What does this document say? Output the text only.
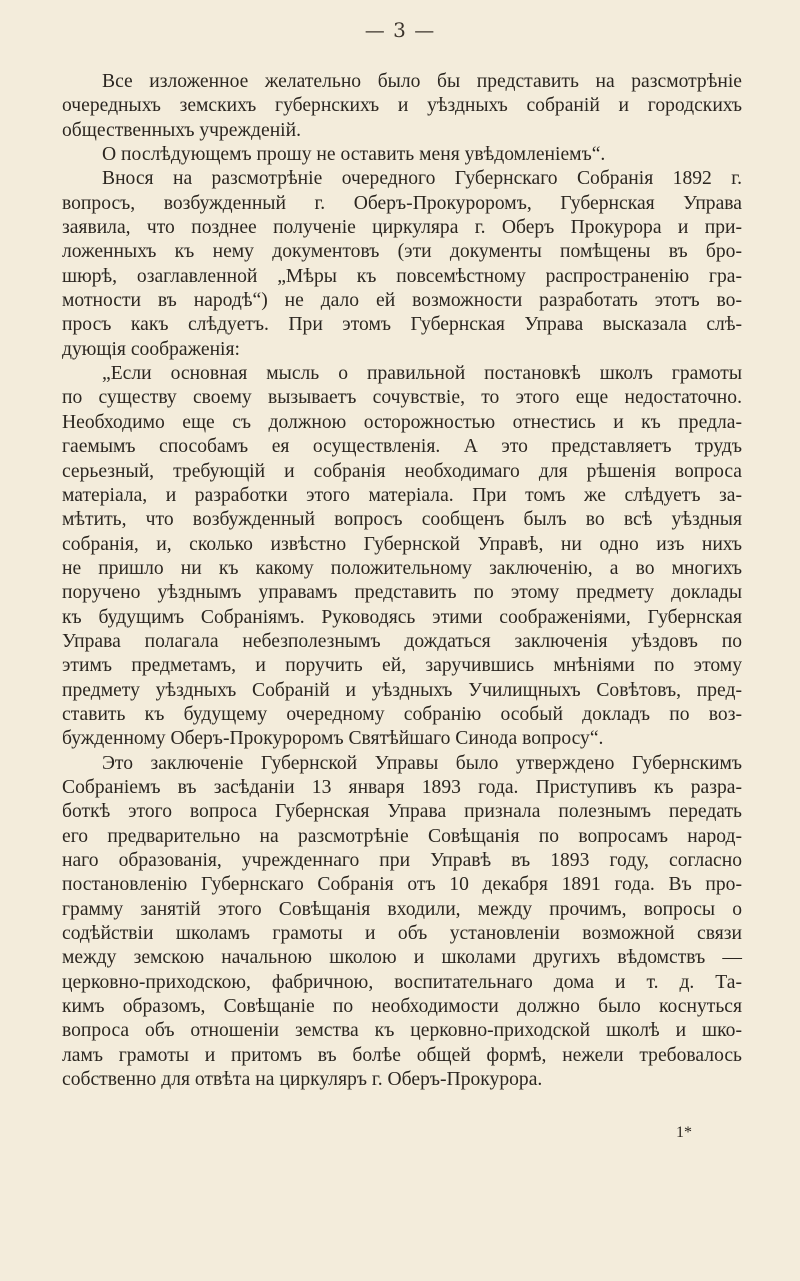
— 3 —
Все изложенное желательно было бы представить на разсмотрѣніе
очередныхъ земскихъ губернскихъ и уѣздныхъ собраній и городскихъ
общественныхъ учрежденій.
О послѣдующемъ прошу не оставить меня увѣдомленіемъ“.
Внося на разсмотрѣніе очередного Губернскаго Собранія 1892 г.
вопросъ, возбужденный г. Оберъ-Прокуроромъ, Губернская Управа
заявила, что позднее полученіе циркуляра г. Оберъ Прокурора и при-
ложенныхъ къ нему документовъ (эти документы помѣщены въ бро-
шюрѣ, озаглавленной „Мѣры къ повсемѣстному распространенію гра-
мотности въ народѣ“) не дало ей возможности разработать этотъ во-
просъ какъ слѣдуетъ. При этомъ Губернская Управа высказала слѣ-
дующія соображенія:
„Если основная мысль о правильной постановкѣ школъ грамоты
по существу своему вызываетъ сочувствіе, то этого еще недостаточно.
Необходимо еще съ должною осторожностью отнестись и къ предла-
гаемымъ способамъ ея осуществленія. А это представляетъ трудъ
серьезный, требующій и собранія необходимаго для рѣшенія вопроса
матеріала, и разработки этого матеріала. При томъ же слѣдуетъ за-
мѣтить, что возбужденный вопросъ сообщенъ былъ во всѣ уѣздныя
собранія, и, сколько извѣстно Губернской Управѣ, ни одно изъ нихъ
не пришло ни къ какому положительному заключенію, а во многихъ
поручено уѣзднымъ управамъ представить по этому предмету доклады
къ будущимъ Собраніямъ. Руководясь этими соображеніями, Губернская
Управа полагала небезполезнымъ дождаться заключенія уѣздовъ по
этимъ предметамъ, и поручить ей, заручившись мнѣніями по этому
предмету уѣздныхъ Собраній и уѣздныхъ Училищныхъ Совѣтовъ, пред-
ставить къ будущему очередному собранію особый докладъ по воз-
бужденному Оберъ-Прокуроромъ Святѣйшаго Синода вопросу“.
Это заключеніе Губернской Управы было утверждено Губернскимъ
Собраніемъ въ засѣданіи 13 января 1893 года. Приступивъ къ разра-
боткѣ этого вопроса Губернская Управа признала полезнымъ передать
его предварительно на разсмотрѣніе Совѣщанія по вопросамъ народ-
наго образованія, учрежденнаго при Управѣ въ 1893 году, согласно
постановленію Губернскаго Собранія отъ 10 декабря 1891 года. Въ про-
грамму занятій этого Совѣщанія входили, между прочимъ, вопросы о
содѣйствіи школамъ грамоты и объ установленіи возможной связи
между земскою начальною школою и школами другихъ вѣдомствъ —
церковно-приходскою, фабричною, воспитательнаго дома и т. д. Та-
кимъ образомъ, Совѣщаніе по необходимости должно было коснуться
вопроса объ отношеніи земства къ церковно-приходской школѣ и шко-
ламъ грамоты и притомъ въ болѣе общей формѣ, нежели требовалось
собственно для отвѣта на циркуляръ г. Оберъ-Прокурора.
1*
